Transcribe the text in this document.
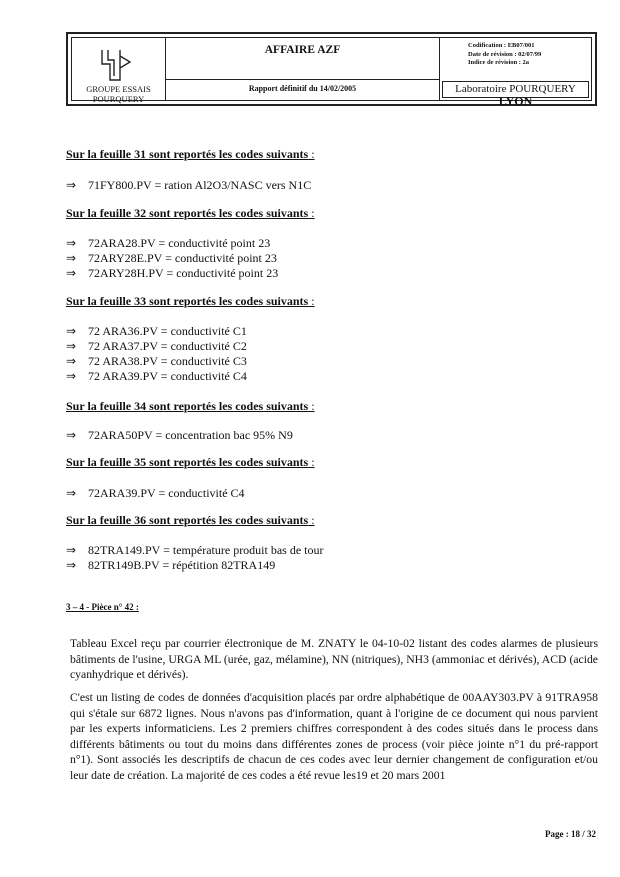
GROUPE ESSAIS
POURQUERY
AFFAIRE AZF
Rapport définitif du 14/02/2005
Codification : EB07/001
Date de révision : 02/07/99
Indice de révision : 2a
Laboratoire POURQUERY
LYON
Sur la feuille 31 sont reportés les codes suivants :
⇒ 71FY800.PV = ration Al2O3/NASC vers N1C
Sur la feuille 32 sont reportés les codes suivants :
⇒ 72ARA28.PV = conductivité point 23
⇒ 72ARY28E.PV = conductivité point 23
⇒ 72ARY28H.PV = conductivité point 23
Sur la feuille 33 sont reportés les codes suivants :
⇒ 72 ARA36.PV = conductivité C1
⇒ 72 ARA37.PV = conductivité C2
⇒ 72 ARA38.PV = conductivité C3
⇒ 72 ARA39.PV = conductivité C4
Sur la feuille 34 sont reportés les codes suivants :
⇒ 72ARA50PV = concentration bac 95% N9
Sur la feuille 35 sont reportés les codes suivants :
⇒ 72ARA39.PV = conductivité C4
Sur la feuille 36 sont reportés les codes suivants :
⇒ 82TRA149.PV = température produit bas de tour
⇒ 82TR149B.PV = répétition 82TRA149
3 – 4 - Pièce n° 42 :
Tableau Excel reçu par courrier électronique de M. ZNATY le 04-10-02 listant des codes alarmes de plusieurs bâtiments de l'usine, URGA ML (urée, gaz, mélamine), NN (nitriques), NH3 (ammoniac et dérivés), ACD (acide cyanhydrique et dérivés).
C'est un listing de codes de données d'acquisition placés par ordre alphabétique de 00AAY303.PV à 91TRA958 qui s'étale sur 6872 lignes. Nous n'avons pas d'information, quant à l'origine de ce document qui nous parvient par les experts informaticiens. Les 2 premiers chiffres correspondent à des codes situés dans le process dans différents bâtiments ou tout du moins dans différentes zones de process (voir pièce jointe n°1 du pré-rapport n°1). Sont associés les descriptifs de chacun de ces codes avec leur dernier changement de configuration et/ou leur date de création. La majorité de ces codes a été revue les19 et 20 mars 2001
Page : 18 / 32
